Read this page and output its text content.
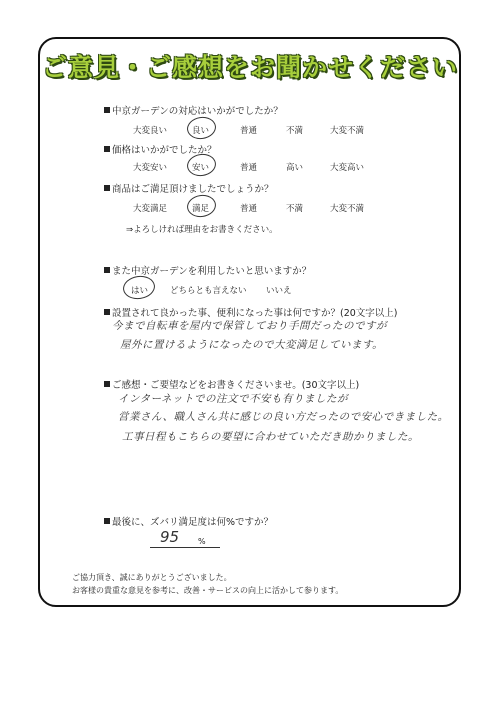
ご意見・ご感想をお聞かせください
中京ガーデンの対応はいかがでしたか？
大変良い	良い	普通	不満	大変不満
価格はいかがでしたか？
大変安い	安い	普通	高い	大変高い
商品はご満足頂けましたでしょうか？
大変満足	満足	普通	不満	大変不満
⇒よろしければ理由をお書きください。
また中京ガーデンを利用したいと思いますか？
はい	どちらとも言えない いいえ
設置されて良かった事、便利になった事は何ですか？(20文字以上)
今まで自転車を屋内で保管しており手間だったのですが
屋外に置けるようになったので大変満足しています。
ご感想・ご要望などをお書きくださいませ。(30文字以上)
インターネットでの注文で不安も有りましたが
営業さん、職人さん共に感じの良い方だったので安心できました。
工事日程もこちらの要望に合わせていただき助かりました。
最後に、ズバリ満足度は何%ですか？
95 %
ご協力頂き、誠にありがとうございました。
お客様の貴重な意見を参考に、改善・サービスの向上に活かして参ります。
